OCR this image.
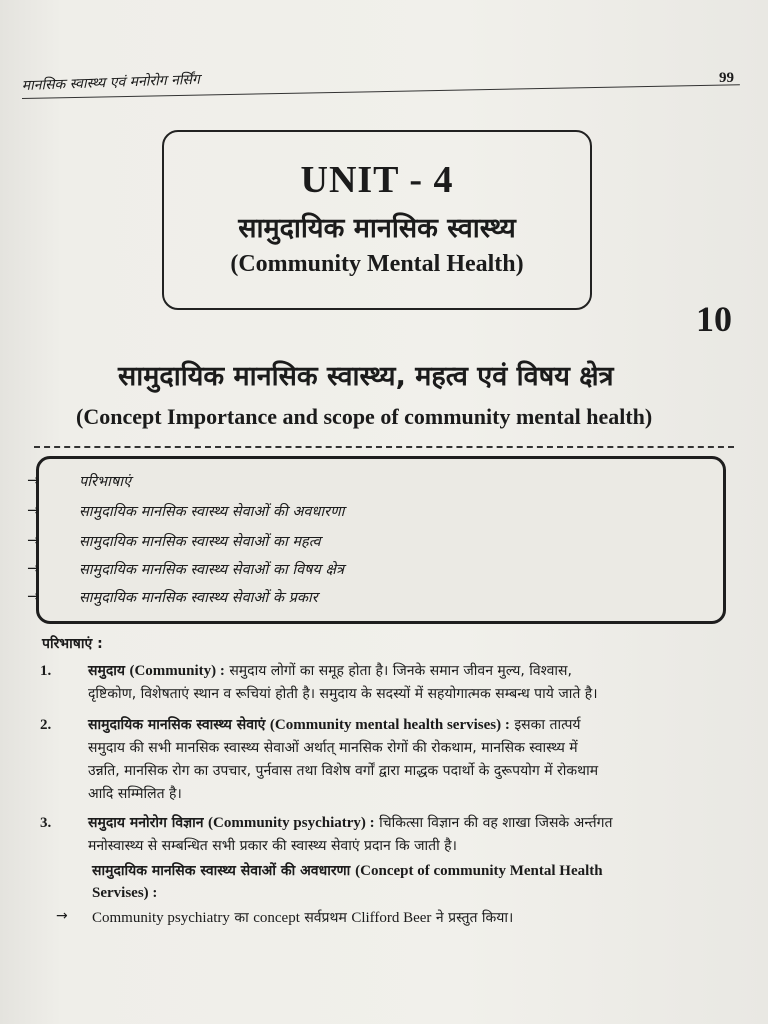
मानसिक स्वास्थ्य एवं मनोरोग नर्सिंग	99
UNIT - 4
सामुदायिक मानसिक स्वास्थ्य
(Community Mental Health)
10
सामुदायिक मानसिक स्वास्थ्य, महत्व एवं विषय क्षेत्र
(Concept Importance and scope of community mental health)
→	परिभाषाएं
→	सामुदायिक मानसिक स्वास्थ्य सेवाओं की अवधारणा
→	सामुदायिक मानसिक स्वास्थ्य सेवाओं का महत्व
→	सामुदायिक मानसिक स्वास्थ्य सेवाओं का विषय क्षेत्र
→	सामुदायिक मानसिक स्वास्थ्य सेवाओं के प्रकार
परिभाषाएं :
1.	समुदाय (Community) : समुदाय लोगों का समूह होता है। जिनके समान जीवन मुल्य, विश्वास,
दृष्टिकोण, विशेषताएं स्थान व रूचियां होती है। समुदाय के सदस्यों में सहयोगात्मक सम्बन्ध पाये जाते है।
2.	सामुदायिक मानसिक स्वास्थ्य सेवाएं (Community mental health servises) : इसका तात्पर्य
समुदाय की सभी मानसिक स्वास्थ्य सेवाओं अर्थात् मानसिक रोगों की रोकथाम, मानसिक स्वास्थ्य में
उन्नति, मानसिक रोग का उपचार, पुर्नवास तथा विशेष वर्गों द्वारा माद्धक पदार्थो के दुरूपयोग में रोकथाम
आदि सम्मिलित है।
3.	समुदाय मनोरोग विज्ञान (Community psychiatry) : चिकित्सा विज्ञान की वह शाखा जिसके अर्न्तगत
मनोस्वास्थ्य से सम्बन्धित सभी प्रकार की स्वास्थ्य सेवाएं प्रदान कि जाती है।
सामुदायिक मानसिक स्वास्थ्य सेवाओं की अवधारणा (Concept of community Mental Health
Servises) :
→ Community psychiatry का concept सर्वप्रथम Clifford Beer ने प्रस्तुत किया।
